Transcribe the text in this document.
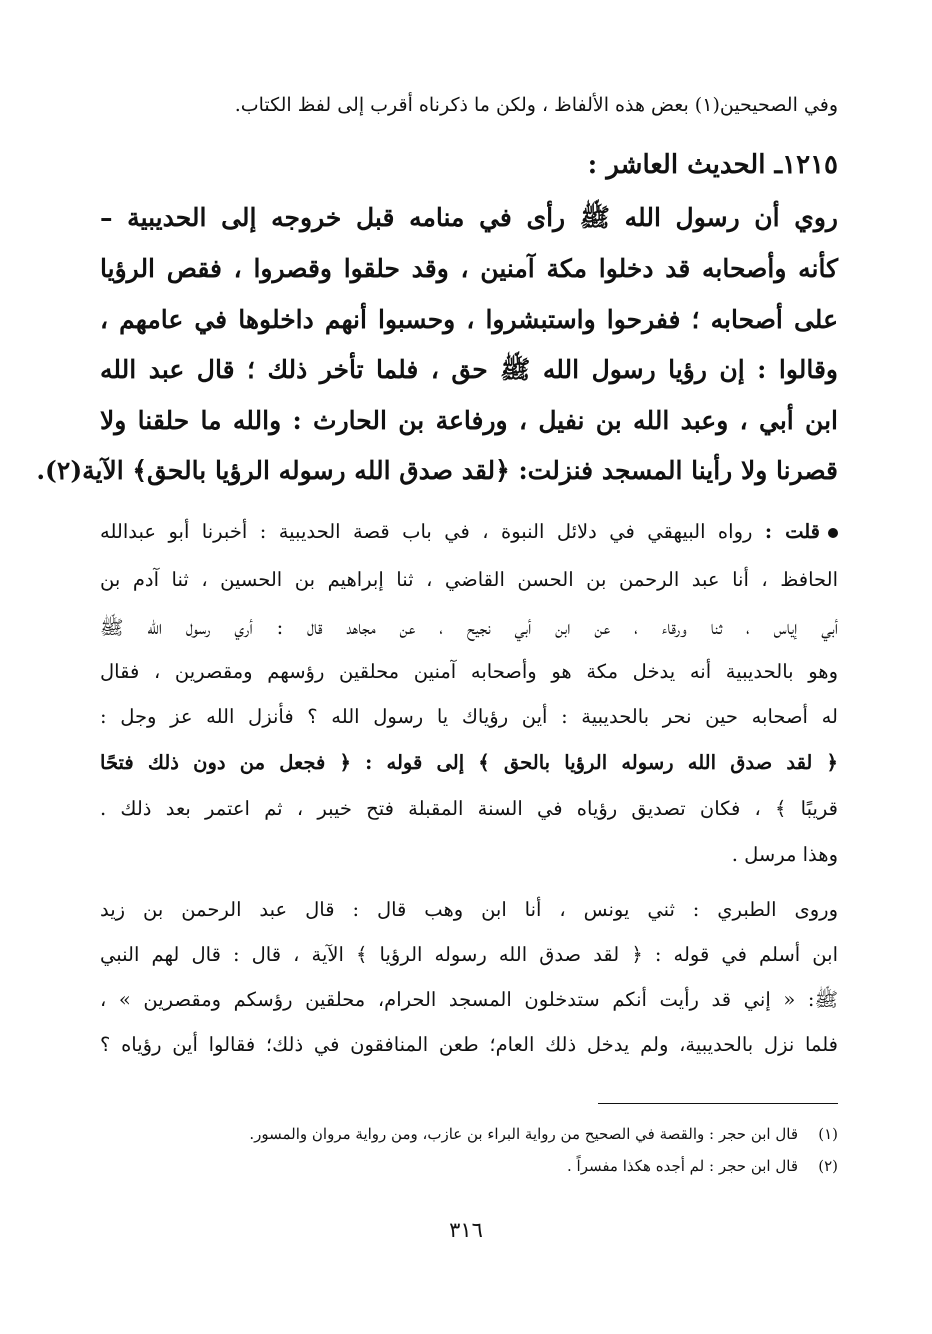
وفي الصحيحين(١) بعض هذه الألفاظ ، ولكن ما ذكرناه أقرب إلى لفظ الكتاب.
١٢١٥ـ الحديث العاشر :
روي أن رسول الله ﷺ رأى في منامه قبل خروجه إلى الحديبية –
كأنه وأصحابه قد دخلوا مكة آمنين ، وقد حلقوا وقصروا ، فقص الرؤيا
على أصحابه ؛ ففرحوا واستبشروا ، وحسبوا أنهم داخلوها في عامهم ،
وقالوا : إن رؤيا رسول الله ﷺ حق ، فلما تأخر ذلك ؛ قال عبد الله
ابن أبي ، وعبد الله بن نفيل ، ورفاعة بن الحارث : والله ما حلقنا ولا
قصرنا ولا رأينا المسجد فنزلت: ﴿لقد صدق الله رسوله الرؤيا بالحق﴾ الآية(٢).
قلت : رواه البيهقي في دلائل النبوة ، في باب قصة الحديبية : أخبرنا أبو عبدالله
الحافظ ، أنا عبد الرحمن بن الحسن القاضي ، ثنا إبراهيم بن الحسين ، ثنا آدم بن
أبي إياس ، ثنا ورقاء ، عن ابن أبي نجيح ، عن مجاهد قال : أري رسول الله ﷺ
وهو بالحديبية أنه يدخل مكة هو وأصحابه آمنين محلقين رؤسهم ومقصرين ، فقال
له أصحابه حين نحر بالحديبية : أين رؤياك يا رسول الله ؟ فأنزل الله عز وجل :
﴿ لقد صدق الله رسوله الرؤيا بالحق ﴾ إلى قوله : ﴿ فجعل من دون ذلك فتحًا
قريبًا ﴾ ، فكان تصديق رؤياه في السنة المقبلة فتح خيبر ، ثم اعتمر بعد ذلك .
وهذا مرسل .
وروى الطبري : ثني يونس ، أنا ابن وهب قال : قال عبد الرحمن بن زيد
ابن أسلم في قوله : ﴿ لقد صدق الله رسوله الرؤيا ﴾ الآية ، قال : قال لهم النبي
ﷺ: « إني قد رأيت أنكم ستدخلون المسجد الحرام، محلقين رؤسكم ومقصرين » ،
فلما نزل بالحديبية، ولم يدخل ذلك العام؛ طعن المنافقون في ذلك؛ فقالوا أين رؤياه ؟
(١)قال ابن حجر : والقصة في الصحيح من رواية البراء بن عازب، ومن رواية مروان والمسور.
(٢)قال ابن حجر : لم أجده هكذا مفسراً .
٣١٦
